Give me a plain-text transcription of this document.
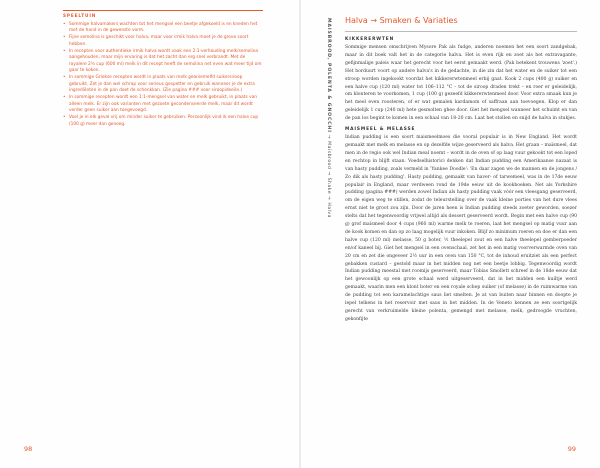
SPEELTUIN
• Sommige halvamakers wachten tot het mengsel een beetje afgekoeld is en kneden het met de hand in de gewenste vorm.
• Fijne semolina is geschikt voor halva, maar voor irmik halva moet je de grove soort hebben.
• In recepten voor authentieke irmik halva wordt vaak een 2:1-verhouding melk/semolina aangehouden, maar mijn ervaring is dat het zacht dan erg snel verbrandt. Met de royalere 2¾ cup (600 ml) melk in dit recept heeft de semolina net even wat meer tijd om gaar te koken.
• In sommige Griekse recepten wordt in plaats van melk geaniemelfd suikersiroop gebruikt. Zet je dan wel schrap voor serieus gespetter en gebruik wanneer je de extra ingrediënten in de pan doet de schenkkan. (Zie pagina ### voor siroopideeën.)
• In sommige recepten wordt een 1:1-mengsel van water en melk gebruikt, in plaats van alleen melk. Er zijn ook varianten met gezoete gecondenseerde melk, maar dit wordt verder geen suiker aan toegevoegd.
• Voel je in elk geval vrij om minder suiker te gebruiken. Persoonlijk vind ik een halve cup (100 g) meer dan genoeg.
98
MAISBROOD, POLENTA & GNOCCHI → Maïsbrood → Shake → Halva
Halva → Smaken & Variaties
KIKKERERWTEN

Sommige mensen omschrijven Mysore Pak als fudge, anderen noemen het een soort zandgebak, maar in dit boek valt het in de categorie halva. Het is even rijk en zoet als het extravagante, gefijnmalige paleis waar het gerecht voor het eerst gemaakt werd. (Pak betekent trouwens 'zoet'.) Het borduurt voort op andere halva's in de gedachte, in die zin dat het water en de suiker tot een stroop worden ingekookt voordat het kikkererwtenmeel erbij gaat. Kook 2 cups (400 g) suiker en een halve cup (120 ml) water tot 106–112 °C – tot de siroop draden trekt – en roer er geleidelijk, om klonteren te voorkomen, 1 cup (100 g) gezeefd kikkererwtenmeel door. Voor extra smaak kun je het meel even roosteren, of er wat gemalen kardamom of saffraan aan toevoegen. Klop er dan geleidelijk 1 cup (240 ml) hete gesmolten ghee door. Giet het mengsel wanneer het schuimt en van de pan los begint te komen in een schaal van 18-20 cm. Laat het stollen en snijd de halva in stukjes.

MAISMEEL & MELASSE

Indian pudding is een soort maismeelmoes die vooral populair is in New England. Het wordt gemaakt met melk en melasse en op dezelfde wijze geserveerd als halva. Het graan – maïsmeel, dat men in de regio ook wel Indian meal noemt – wordt in de oven of op laag vuur gekookt tot een loped en rechtop in blijft staan. Voedselhistorici denken dat Indian pudding een Amerikaanse nazaat is van hasty pudding, zoals vermeld in 'Yankee Doodle': 'En daar zagen we de mannen en de jongens / Zo dik als hasty pudding'. Hasty pudding, gemaakt van haver- of tarwemeel, was in de 17de eeuw populair in England, maar verdween rond de 19de eeuw uit de kookboeken. Net als Yorkshire pudding (pagina ###) werden zowel Indian als hasty pudding vaak vóór een vleesgang geserveerd, om de eigen weg te stillen, zodat de teleurstelling over de vaak kleine porties van het dure vlees ernst niet te groot zou zijn. Door de jaren heen is Indian pudding steeds zoeter geworden, soezer stelts dat het tegenwoordig vrijwel altijd als dessert geserveerd wordt. Begin met een halve cup (90 g) grof maïsmeel door 4 cups (960 ml) warme melk te roeren, laat het mengsel op matig vuur aan de kook komen en dan op zo laag mogelijk vuur inkoken. Blijf zo minimum roeren en doe er dan een halve cup (120 ml) melasse, 50 g boter, ½ theelepel zout en een halve theelepel gemberpoeder en/of kaneel bij. Giet het mengsel in een ovenschaal, zet het in een matig voorverwarmde oven van 20 cm en zet die ongeveer 2½ uur in een oven van 150 °C, tot de inhoud eruitziet als een perfect gebakken custard – gestold maar in het midden nog net een beetje lobbig. Tegenwoordig wordt Indian pudding meestal met roomijs geserveerd, maar Tobias Smollett schreef in de 18de eeuw dat het gewoonlijk op een grote schaal werd uitgeserveerd, dat in het midden een kuiltje werd gemaakt, waarin men een klont boter en een royale schep suiker (of melasse) in de ruimwarme van de pudding tot een karamelachtige saus liet smelten. Je at van buiten naar binnen en doopte je lepel telkens in het reservoir met saus in het midden. In de Veneto kennen ze een soortgelijk gerecht van verkruimelde kleine polenta, gemengd met melasse, melk, gedroogde vruchten, gekonfijte

99
